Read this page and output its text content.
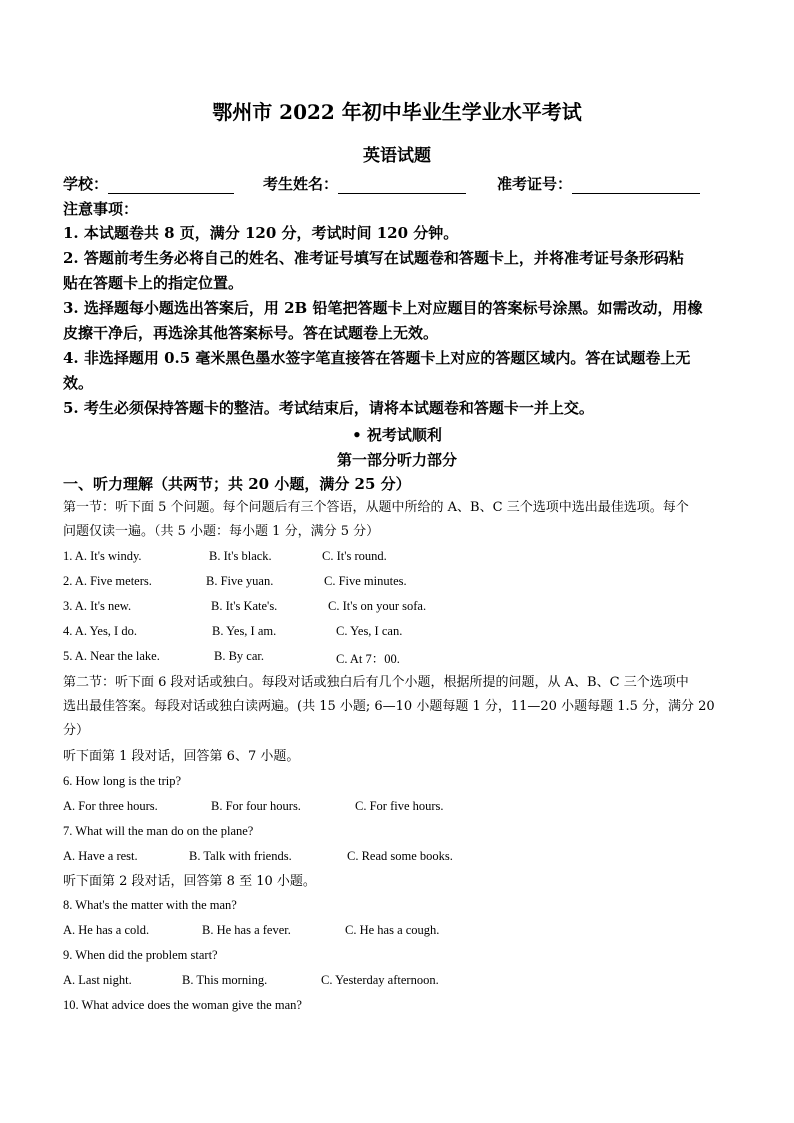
鄂州市 2022 年初中毕业生学业水平考试
英语试题
学校：	考生姓名：	准考证号：
注意事项：
1. 本试题卷共 8 页，满分 120 分，考试时间 120 分钟。
2. 答题前考生务必将自己的姓名、准考证号填写在试题卷和答题卡上，并将准考证号条形码粘
贴在答题卡上的指定位置。
3. 选择题每小题选出答案后，用 2B 铅笔把答题卡上对应题目的答案标号涂黑。如需改动，用橡
皮擦干净后，再选涂其他答案标号。答在试题卷上无效。
4. 非选择题用 0.5 毫米黑色墨水签字笔直接答在答题卡上对应的答题区域内。答在试题卷上无
效。
5. 考生必须保持答题卡的整洁。考试结束后，请将本试题卷和答题卡一并上交。
• 祝考试顺利
第一部分听力部分
一、听力理解（共两节；共 20 小题，满分 25 分）
第一节：听下面 5 个问题。每个问题后有三个答语，从题中所给的 A、B、C 三个选项中选出最佳选项。每个
问题仅读一遍。（共 5 小题：每小题 1 分，满分 5 分）
1. A. It's windy.	B. It's black.	C. It's round.
2. A. Five meters.	B. Five yuan.	C. Five minutes.
3. A. It's new.	B. It's Kate's.	C. It's on your sofa.
4. A. Yes, I do.	B. Yes, I am.	C. Yes, I can.
5. A. Near the lake.	B. By car.	C. At 7：00.
第二节：听下面 6 段对话或独白。每段对话或独白后有几个小题，根据所提的问题，从 A、B、C 三个选项中
选出最佳答案。每段对话或独白读两遍。(共 15 小题; 6—10 小题每题 1 分，11—20 小题每题 1.5 分，满分 20
分）
听下面第 1 段对话，回答第 6、7 小题。
6. How long is the trip?
A. For three hours.	B. For four hours.	C. For five hours.
7. What will the man do on the plane?
A. Have a rest.	B. Talk with friends.	C. Read some books.
听下面第 2 段对话，回答第 8 至 10 小题。
8. What's the matter with the man?
A. He has a cold.	B. He has a fever.	C. He has a cough.
9. When did the problem start?
A. Last night.	B. This morning.	C. Yesterday afternoon.
10. What advice does the woman give the man?
